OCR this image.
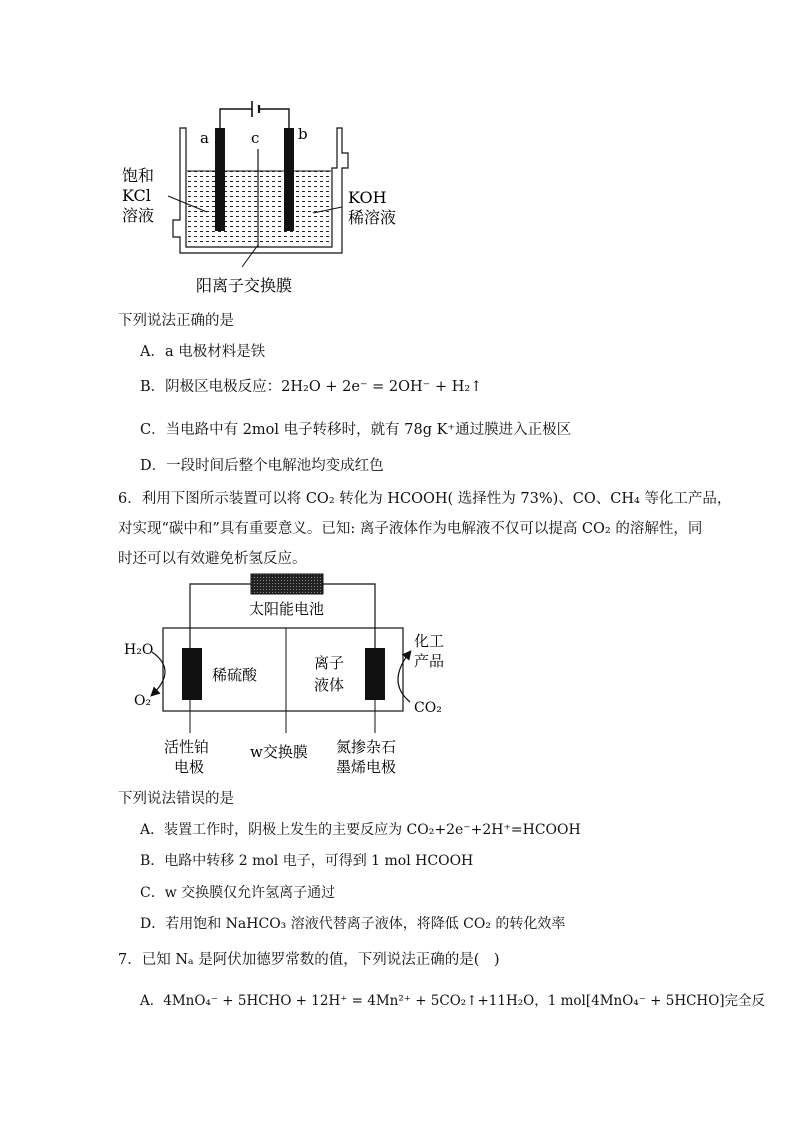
a	c	b
饱和
KCl
溶液
KOH
稀溶液
阳离子交换膜
下列说法正确的是
A．a 电极材料是铁
B．阴极区电极反应：2H₂O + 2e⁻ = 2OH⁻ + H₂↑
C．当电路中有 2mol 电子转移时，就有 78g K⁺通过膜进入正极区
D．一段时间后整个电解池均变成红色
6．利用下图所示装置可以将 CO₂ 转化为 HCOOH( 选择性为 73%)、CO、CH₄ 等化工产品，
对实现“碳中和”具有重要意义。已知: 离子液体作为电解液不仅可以提高 CO₂ 的溶解性，同
时还可以有效避免析氢反应。
太阳能电池
H₂O
O₂
稀硫酸
离子
液体
化工
产品
CO₂
活性铂
电极
w交换膜 氮掺杂石
墨烯电极
下列说法错误的是
A．装置工作时，阴极上发生的主要反应为 CO₂+2e⁻+2H⁺=HCOOH
B．电路中转移 2 mol 电子，可得到 1 mol HCOOH
C．w 交换膜仅允许氢离子通过
D．若用饱和 NaHCO₃ 溶液代替离子液体，将降低 CO₂ 的转化效率
7．已知 Nₐ 是阿伏加德罗常数的值，下列说法正确的是(　)
A．4MnO₄⁻ + 5HCHO + 12H⁺ = 4Mn²⁺ + 5CO₂↑+11H₂O，1 mol[4MnO₄⁻ + 5HCHO]完全反
